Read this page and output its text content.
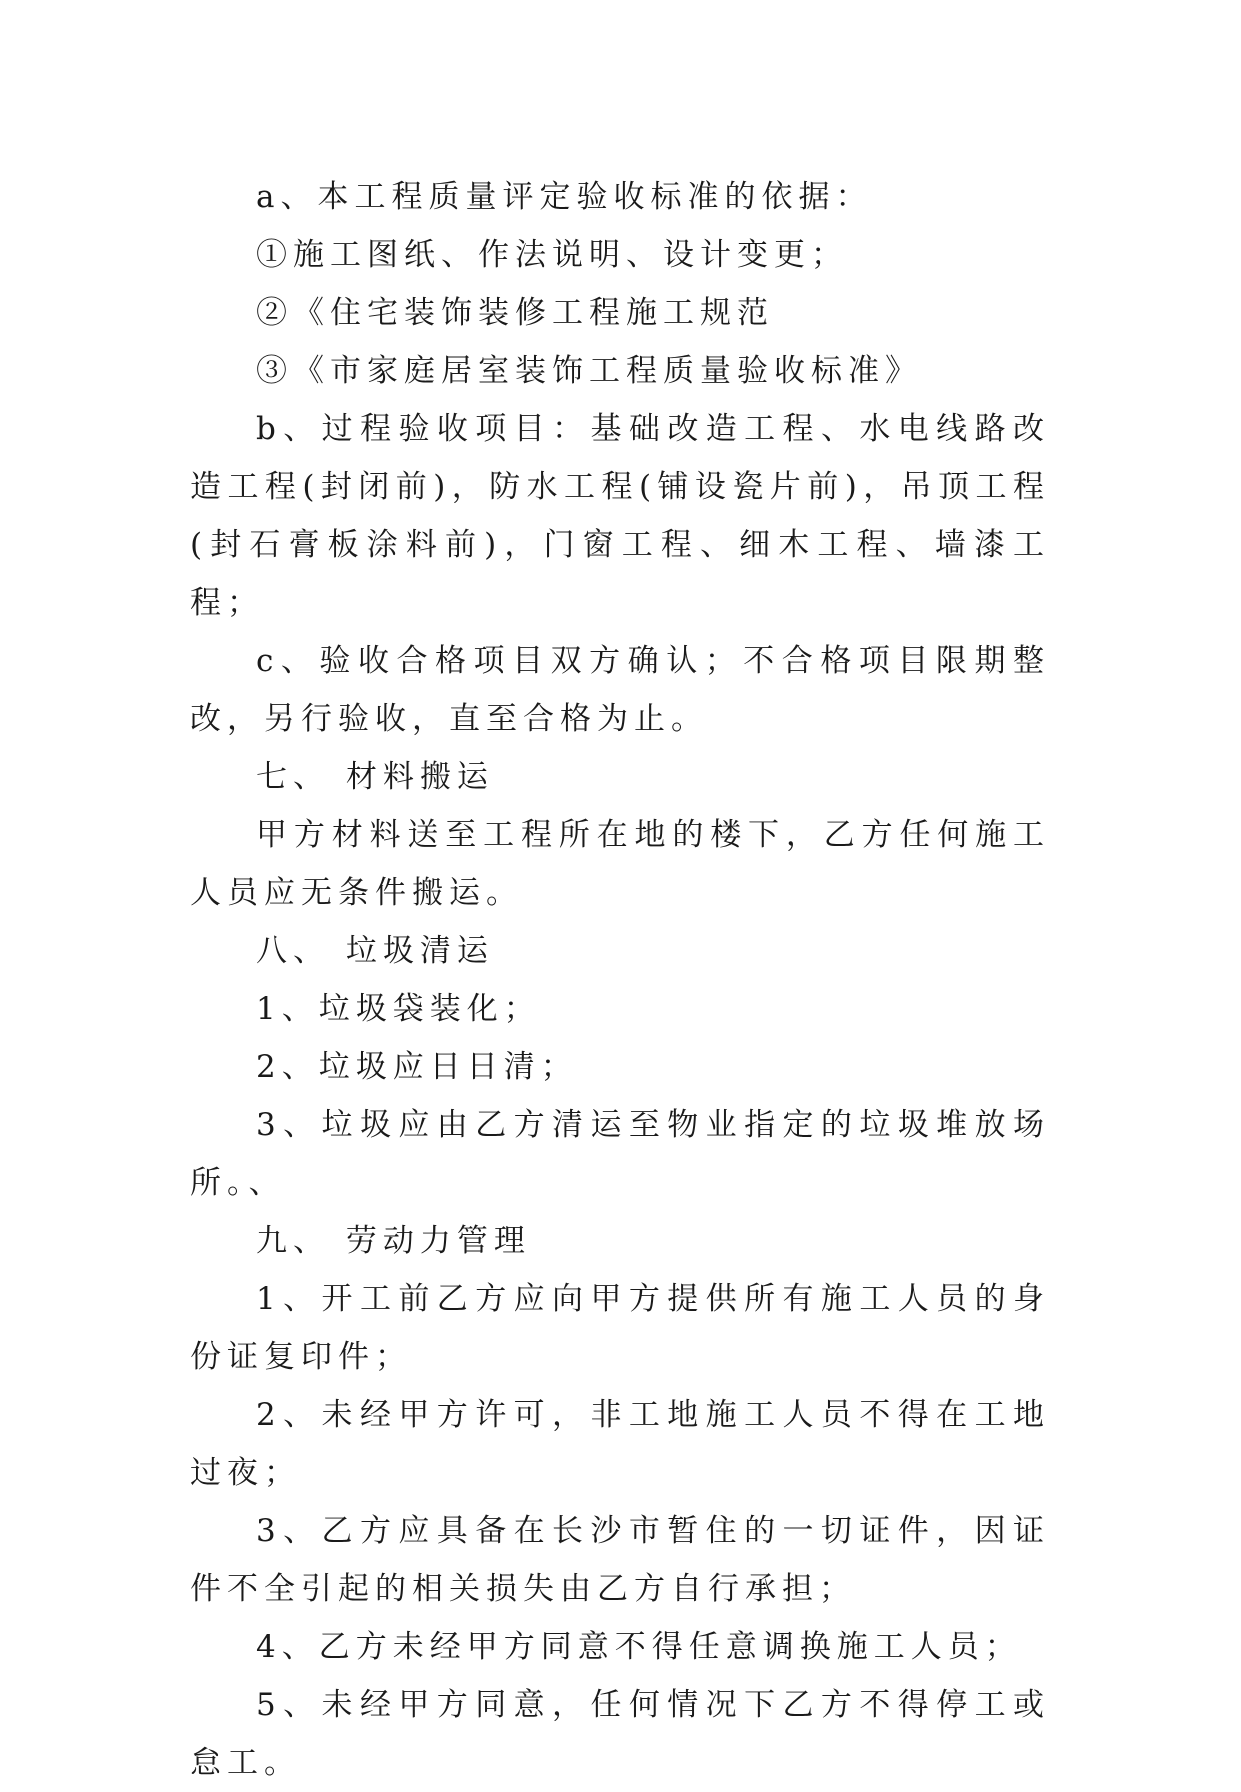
a、本工程质量评定验收标准的依据：

①施工图纸、作法说明、设计变更；

②《住宅装饰装修工程施工规范

③《市家庭居室装饰工程质量验收标准》

b、过程验收项目：基础改造工程、水电线路改造工程(封闭前)，防水工程(铺设瓷片前)，吊顶工程(封石膏板涂料前)，门窗工程、细木工程、墙漆工程；

c、验收合格项目双方确认；不合格项目限期整改，另行验收，直至合格为止。

七、 材料搬运

甲方材料送至工程所在地的楼下，乙方任何施工人员应无条件搬运。

八、 垃圾清运

1、垃圾袋装化；

2、垃圾应日日清；

3、垃圾应由乙方清运至物业指定的垃圾堆放场所。、

九、 劳动力管理

1、开工前乙方应向甲方提供所有施工人员的身份证复印件；

2、未经甲方许可，非工地施工人员不得在工地过夜；

3、乙方应具备在长沙市暂住的一切证件，因证件不全引起的相关损失由乙方自行承担；

4、乙方未经甲方同意不得任意调换施工人员；

5、未经甲方同意，任何情况下乙方不得停工或怠工。
